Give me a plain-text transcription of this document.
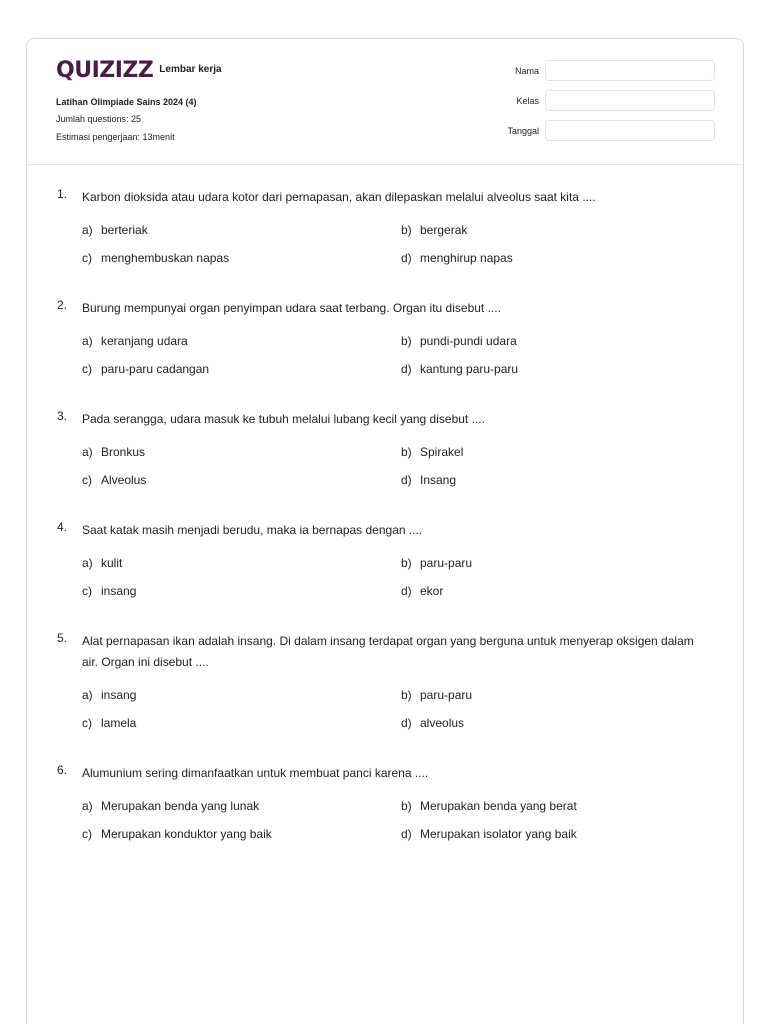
QUIZIZZ Lembar kerja
Latihan Olimpiade Sains 2024 (4)
Jumlah questions: 25
Estimasi pengerjaan: 13menit
Nama
Kelas
Tanggal
1. Karbon dioksida atau udara kotor dari pernapasan, akan dilepaskan melalui alveolus saat kita ....
a) berteriak	b) bergerak
c) menghembuskan napas	d) menghirup napas
2. Burung mempunyai organ penyimpan udara saat terbang. Organ itu disebut ....
a) keranjang udara	b) pundi-pundi udara
c) paru-paru cadangan	d) kantung paru-paru
3. Pada serangga, udara masuk ke tubuh melalui lubang kecil yang disebut ....
a) Bronkus	b) Spirakel
c) Alveolus	d) Insang
4. Saat katak masih menjadi berudu, maka ia bernapas dengan ....
a) kulit	b) paru-paru
c) insang	d) ekor
5. Alat pernapasan ikan adalah insang. Di dalam insang terdapat organ yang berguna untuk menyerap oksigen dalam air. Organ ini disebut ....
a) insang	b) paru-paru
c) lamela	d) alveolus
6. Alumunium sering dimanfaatkan untuk membuat panci karena ....
a) Merupakan benda yang lunak	b) Merupakan benda yang berat
c) Merupakan konduktor yang baik	d) Merupakan isolator yang baik
